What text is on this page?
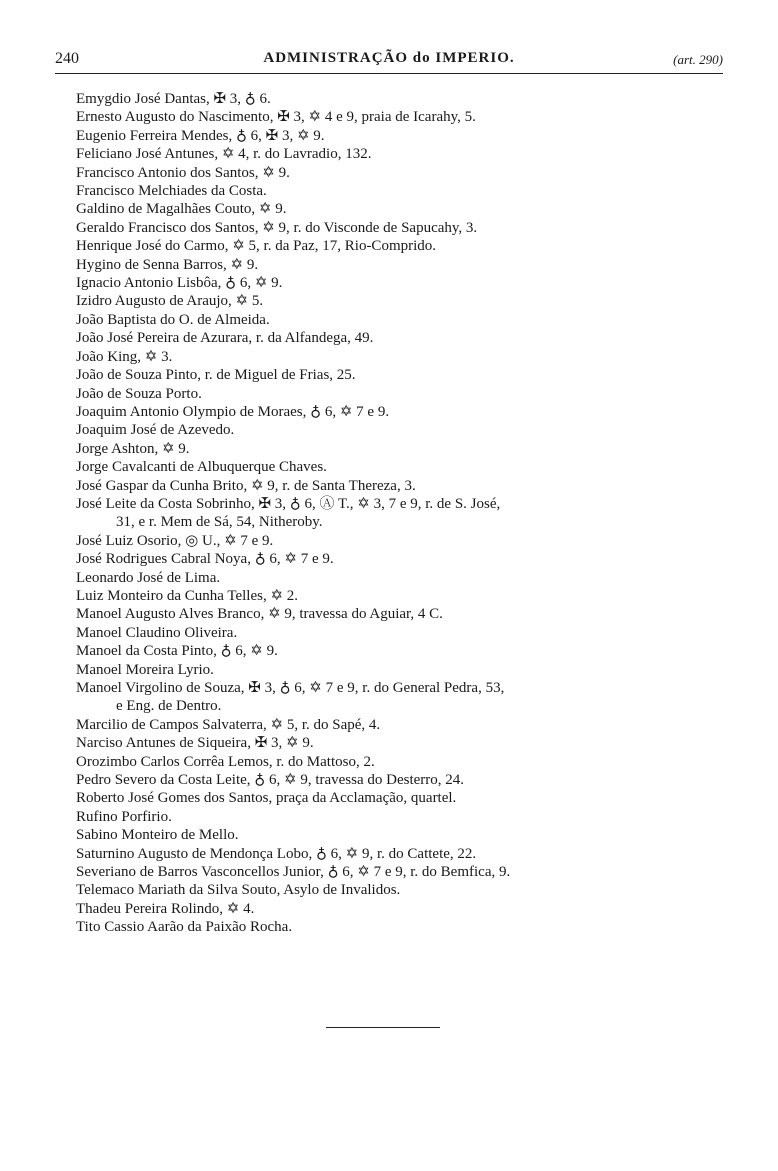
240	ADMINISTRAÇÃO do IMPERIO.	(art. 290)
Emygdio José Dantas, ✠ 3, ♁ 6.
Ernesto Augusto do Nascimento, ✠ 3, ✡ 4 e 9, praia de Icarahy, 5.
Eugenio Ferreira Mendes, ♁ 6, ✠ 3, ✡ 9.
Feliciano José Antunes, ✡ 4, r. do Lavradio, 132.
Francisco Antonio dos Santos, ✡ 9.
Francisco Melchiades da Costa.
Galdino de Magalhães Couto, ✡ 9.
Geraldo Francisco dos Santos, ✡ 9, r. do Visconde de Sapucahy, 3.
Henrique José do Carmo, ✡ 5, r. da Paz, 17, Rio-Comprido.
Hygino de Senna Barros, ✡ 9.
Ignacio Antonio Lisbôa, ♁ 6, ✡ 9.
Izidro Augusto de Araujo, ✡ 5.
João Baptista do O. de Almeida.
João José Pereira de Azurara, r. da Alfandega, 49.
João King, ✡ 3.
João de Souza Pinto, r. de Miguel de Frias, 25.
João de Souza Porto.
Joaquim Antonio Olympio de Moraes, ♁ 6, ✡ 7 e 9.
Joaquim José de Azevedo.
Jorge Ashton, ✡ 9.
Jorge Cavalcanti de Albuquerque Chaves.
José Gaspar da Cunha Brito, ✡ 9, r. de Santa Thereza, 3.
José Leite da Costa Sobrinho, ✠ 3, ♁ 6, Ⓐ T., ✡ 3, 7 e 9, r. de S. José,
31, e r. Mem de Sá, 54, Nitheroby.
José Luiz Osorio, ◎ U., ✡ 7 e 9.
José Rodrigues Cabral Noya, ♁ 6, ✡ 7 e 9.
Leonardo José de Lima.
Luiz Monteiro da Cunha Telles, ✡ 2.
Manoel Augusto Alves Branco, ✡ 9, travessa do Aguiar, 4 C.
Manoel Claudino Oliveira.
Manoel da Costa Pinto, ♁ 6, ✡ 9.
Manoel Moreira Lyrio.
Manoel Virgolino de Souza, ✠ 3, ♁ 6, ✡ 7 e 9, r. do General Pedra, 53,
e Eng. de Dentro.
Marcilio de Campos Salvaterra, ✡ 5, r. do Sapé, 4.
Narciso Antunes de Siqueira, ✠ 3, ✡ 9.
Orozimbo Carlos Corrêa Lemos, r. do Mattoso, 2.
Pedro Severo da Costa Leite, ♁ 6, ✡ 9, travessa do Desterro, 24.
Roberto José Gomes dos Santos, praça da Acclamação, quartel.
Rufino Porfirio.
Sabino Monteiro de Mello.
Saturnino Augusto de Mendonça Lobo, ♁ 6, ✡ 9, r. do Cattete, 22.
Severiano de Barros Vasconcellos Junior, ♁ 6, ✡ 7 e 9, r. do Bemfica, 9.
Telemaco Mariath da Silva Souto, Asylo de Invalidos.
Thadeu Pereira Rolindo, ✡ 4.
Tito Cassio Aarão da Paixão Rocha.
